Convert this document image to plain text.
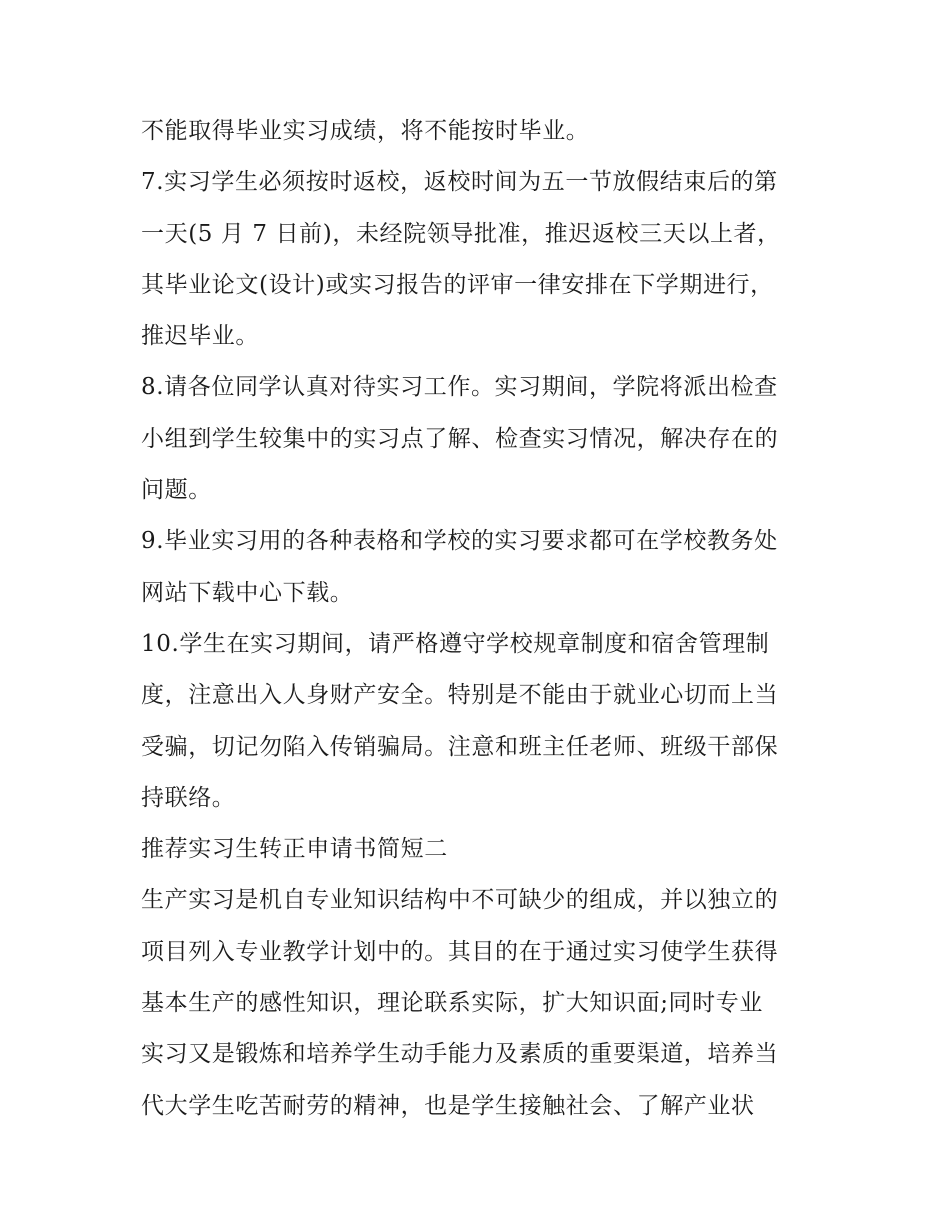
不能取得毕业实习成绩，将不能按时毕业。
7.实习学生必须按时返校，返校时间为五一节放假结束后的第
一天(5 月 7 日前)，未经院领导批准，推迟返校三天以上者，
其毕业论文(设计)或实习报告的评审一律安排在下学期进行，
推迟毕业。
8.请各位同学认真对待实习工作。实习期间，学院将派出检查
小组到学生较集中的实习点了解、检查实习情况，解决存在的
问题。
9.毕业实习用的各种表格和学校的实习要求都可在学校教务处
网站下载中心下载。
10.学生在实习期间，请严格遵守学校规章制度和宿舍管理制
度，注意出入人身财产安全。特别是不能由于就业心切而上当
受骗，切记勿陷入传销骗局。注意和班主任老师、班级干部保
持联络。
推荐实习生转正申请书简短二
生产实习是机自专业知识结构中不可缺少的组成，并以独立的
项目列入专业教学计划中的。其目的在于通过实习使学生获得
基本生产的感性知识，理论联系实际，扩大知识面;同时专业
实习又是锻炼和培养学生动手能力及素质的重要渠道，培养当
代大学生吃苦耐劳的精神，也是学生接触社会、了解产业状
